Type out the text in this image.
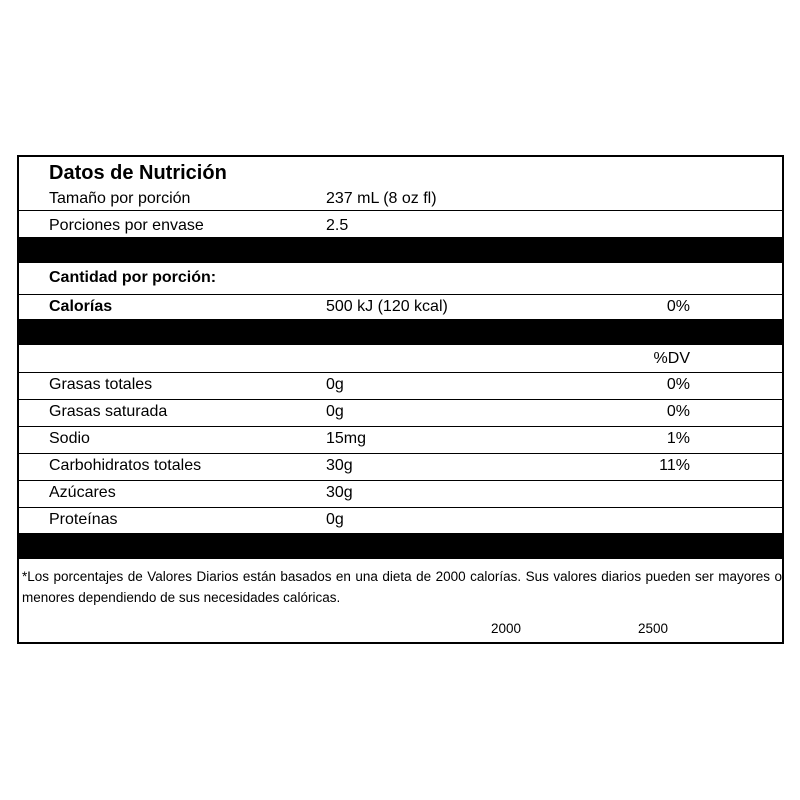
Datos de Nutrición
Tamaño por porción	237 mL (8 oz fl)
Porciones por envase	2.5
Cantidad por porción:
Calorías	500 kJ (120 kcal)	0%
%DV
Grasas totales	0g	0%
Grasas saturada	0g	0%
Sodio	15mg	1%
Carbohidratos totales	30g	11%
Azúcares	30g
Proteínas	0g
*Los porcentajes de Valores Diarios están basados en una dieta de 2000 calorías. Sus valores diarios pueden ser mayores o menores dependiendo de sus necesidades calóricas.
2000	2500
